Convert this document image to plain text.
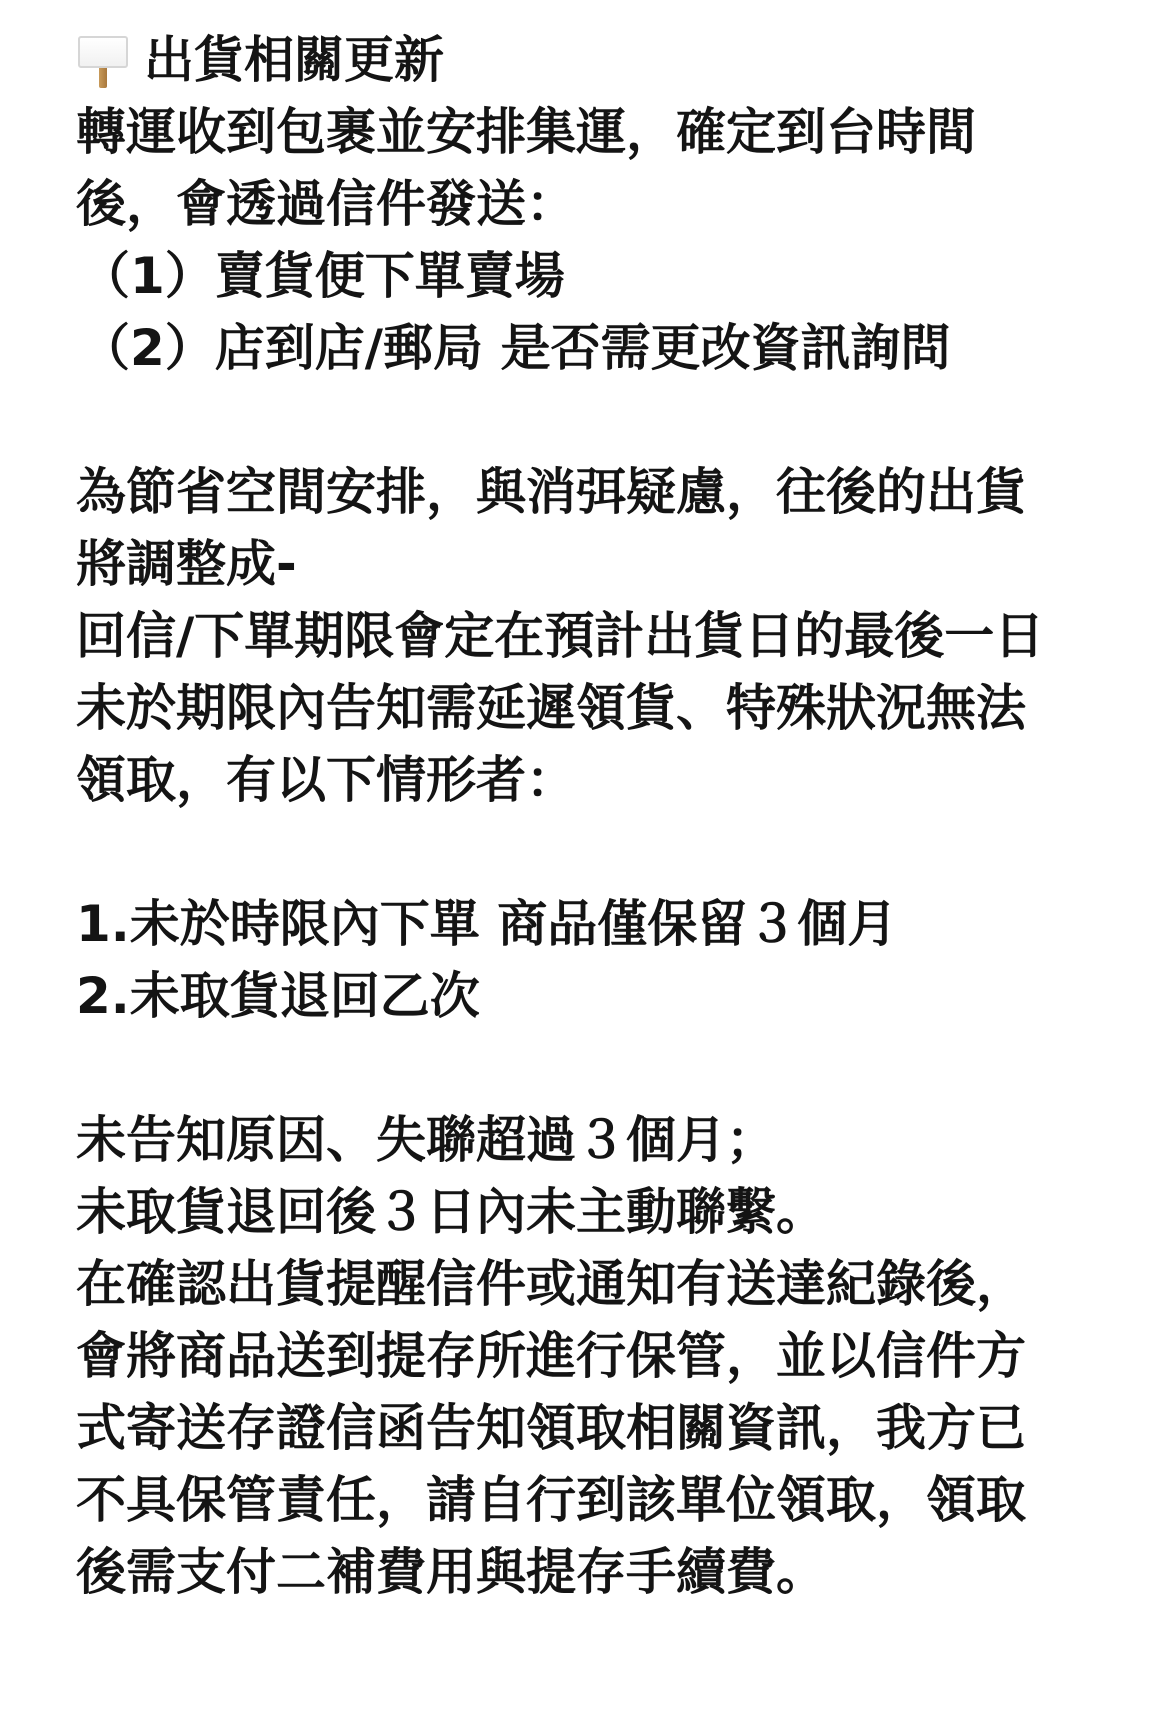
出貨相關更新
轉運收到包裹並安排集運，確定到台時間
後，會透過信件發送：
（1）賣貨便下單賣場
（2）店到店/郵局 是否需更改資訊詢問
為節省空間安排，與消弭疑慮，往後的出貨
將調整成-
回信/下單期限會定在預計出貨日的最後一日
未於期限內告知需延遲領貨、特殊狀況無法
領取，有以下情形者：
1.未於時限內下單 商品僅保留３個月
2.未取貨退回乙次
未告知原因、失聯超過３個月；
未取貨退回後３日內未主動聯繫。
在確認出貨提醒信件或通知有送達紀錄後，
會將商品送到提存所進行保管，並以信件方
式寄送存證信函告知領取相關資訊，我方已
不具保管責任，請自行到該單位領取，領取
後需支付二補費用與提存手續費。
